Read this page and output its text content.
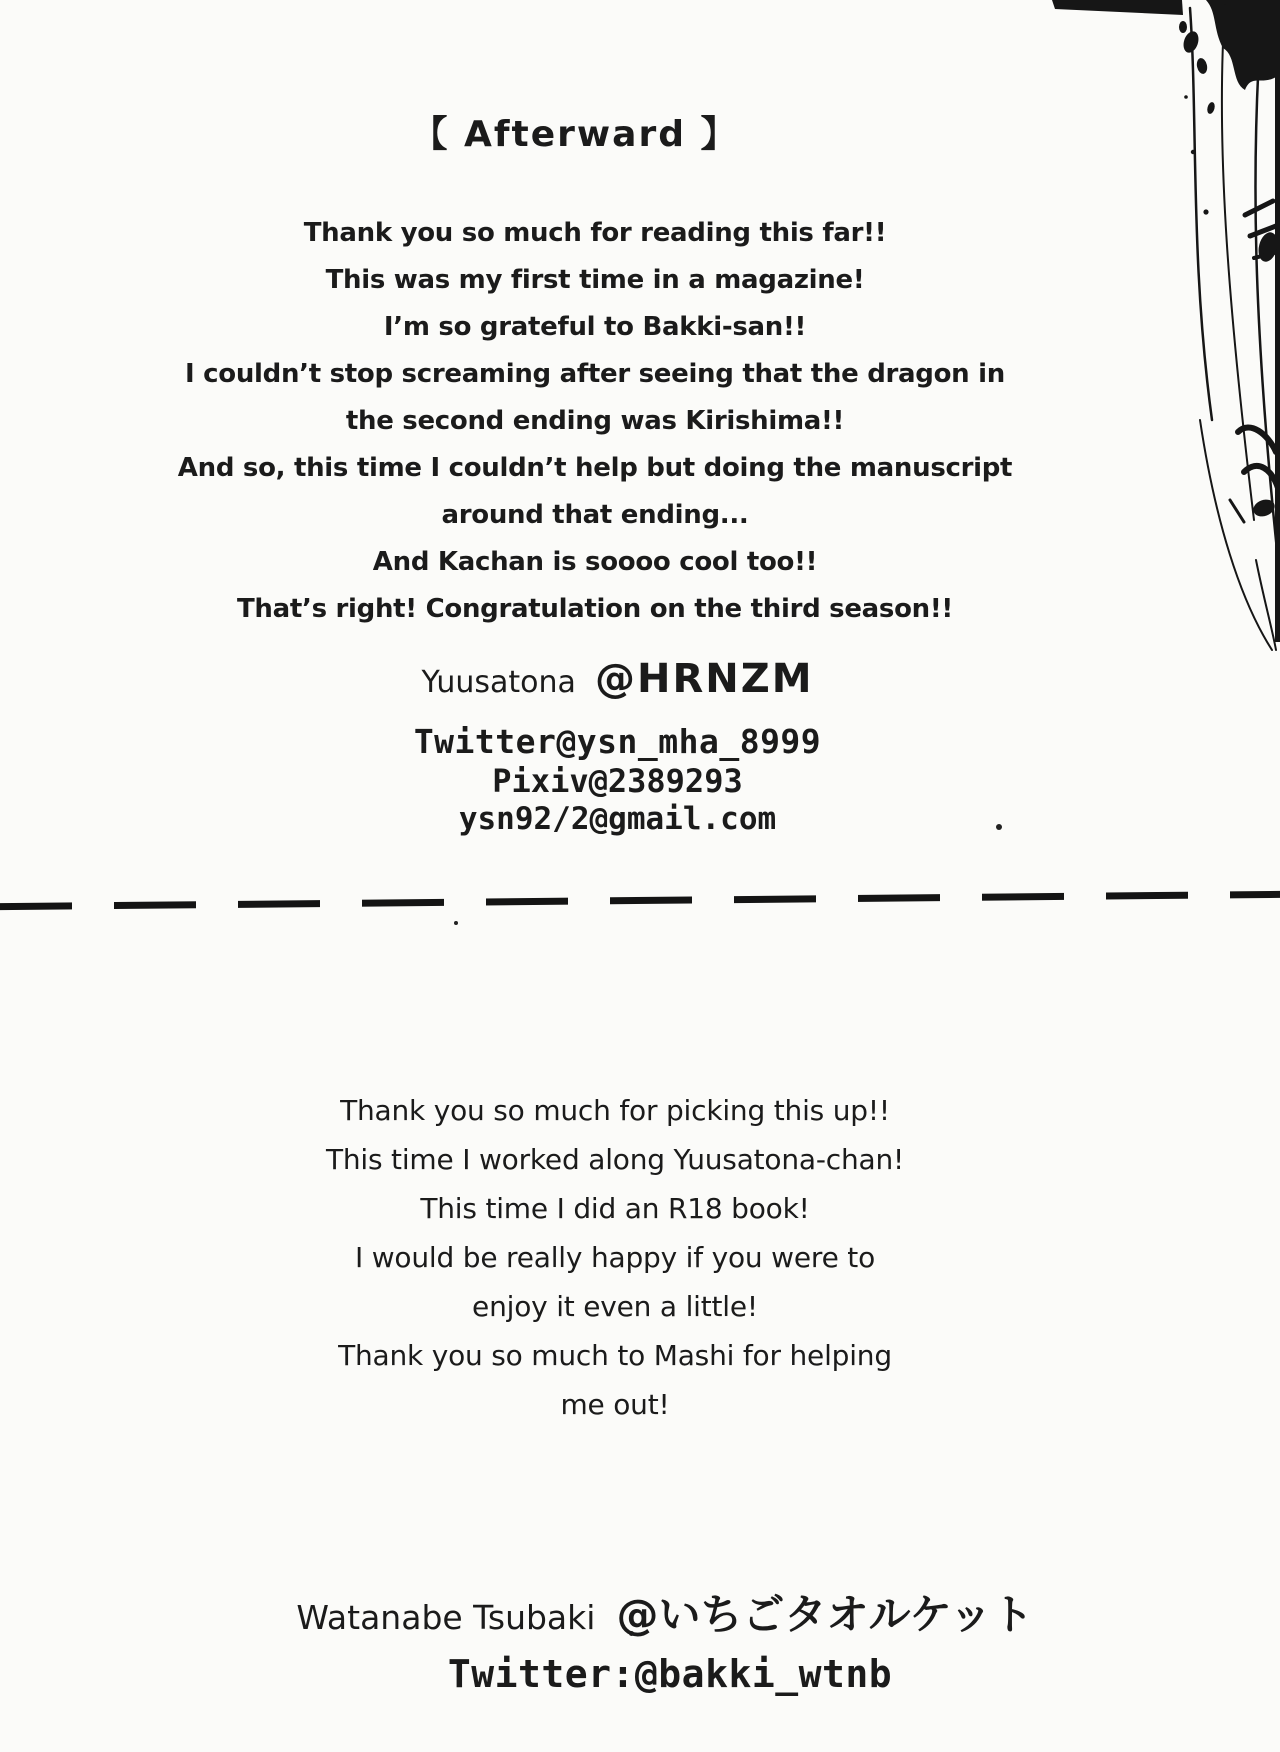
【 Afterward 】
Thank you so much for reading this far!!
This was my first time in a magazine!
I’m so grateful to Bakki-san!!
I couldn’t stop screaming after seeing that the dragon in
the second ending was Kirishima!!
And so, this time I couldn’t help but doing the manuscript
around that ending...
And Kachan is soooo cool too!!
That’s right! Congratulation on the third season!!
Yuusatona @HRNZM
Twitter@ysn_mha_8999
Pixiv@2389293
ysn92/2@gmail.com
Thank you so much for picking this up!!
This time I worked along Yuusatona-chan!
This time I did an R18 book!
I would be really happy if you were to
enjoy it even a little!
Thank you so much to Mashi for helping
me out!
Watanabe Tsubaki @いちごタオルケット
Twitter:@bakki_wtnb
